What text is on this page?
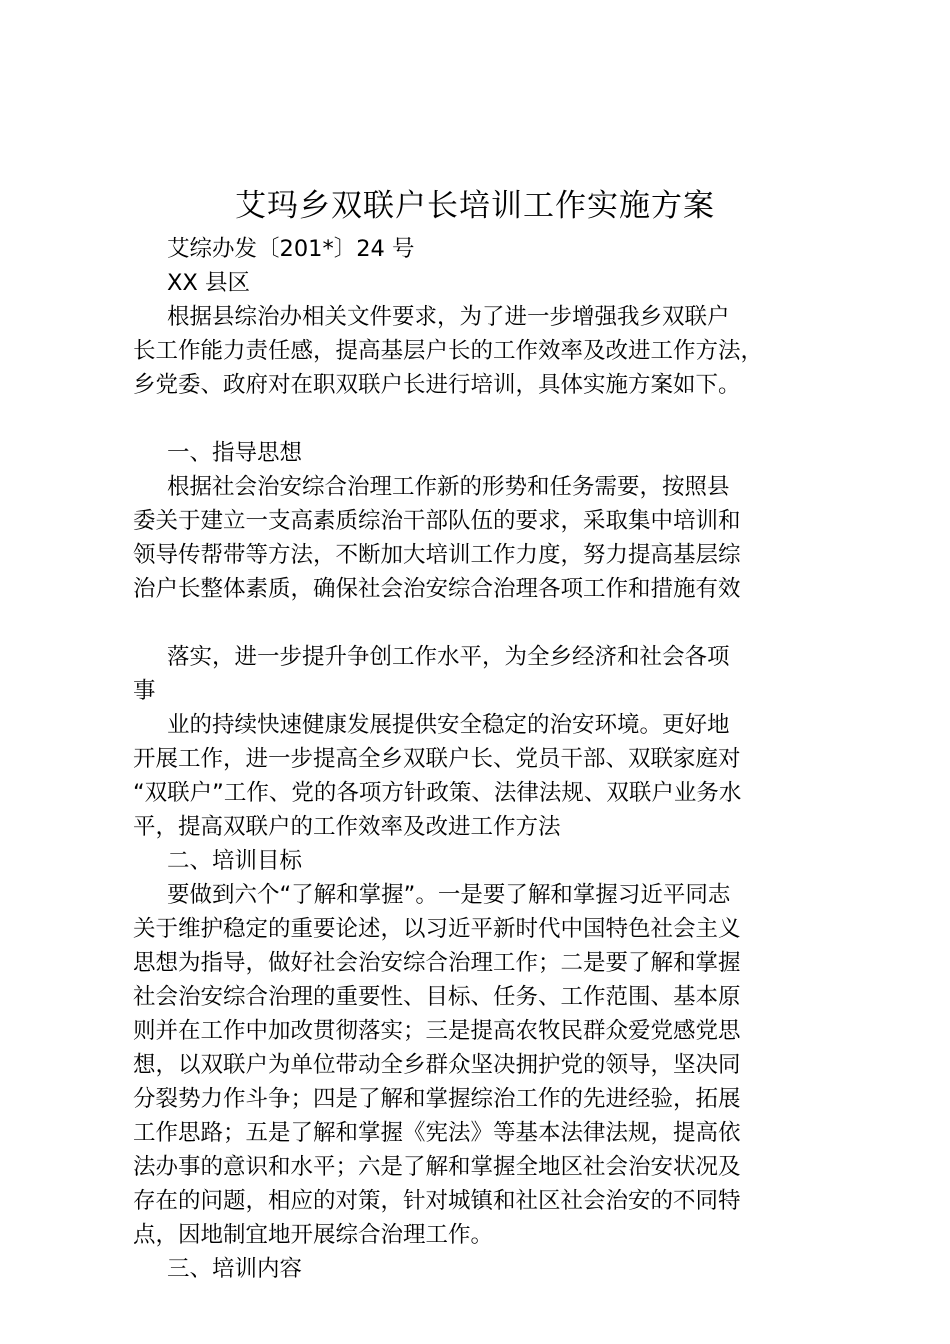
艾玛乡双联户长培训工作实施方案
艾综办发〔201*〕24 号
XX 县区
根据县综治办相关文件要求，为了进一步增强我乡双联户
长工作能力责任感，提高基层户长的工作效率及改进工作方法，
乡党委、政府对在职双联户长进行培训，具体实施方案如下。
一、指导思想
根据社会治安综合治理工作新的形势和任务需要，按照县
委关于建立一支高素质综治干部队伍的要求，采取集中培训和
领导传帮带等方法，不断加大培训工作力度，努力提高基层综
治户长整体素质，确保社会治安综合治理各项工作和措施有效
落实，进一步提升争创工作水平，为全乡经济和社会各项
事
业的持续快速健康发展提供安全稳定的治安环境。更好地
开展工作，进一步提高全乡双联户长、党员干部、双联家庭对
“双联户”工作、党的各项方针政策、法律法规、双联户业务水
平，提高双联户的工作效率及改进工作方法
二、培训目标
要做到六个“了解和掌握”。一是要了解和掌握习近平同志
关于维护稳定的重要论述，以习近平新时代中国特色社会主义
思想为指导，做好社会治安综合治理工作；二是要了解和掌握
社会治安综合治理的重要性、目标、任务、工作范围、基本原
则并在工作中加改贯彻落实；三是提高农牧民群众爱党感党思
想，以双联户为单位带动全乡群众坚决拥护党的领导，坚决同
分裂势力作斗争；四是了解和掌握综治工作的先进经验，拓展
工作思路；五是了解和掌握《宪法》等基本法律法规，提高依
法办事的意识和水平；六是了解和掌握全地区社会治安状况及
存在的问题，相应的对策，针对城镇和社区社会治安的不同特
点，因地制宜地开展综合治理工作。
三、培训内容
